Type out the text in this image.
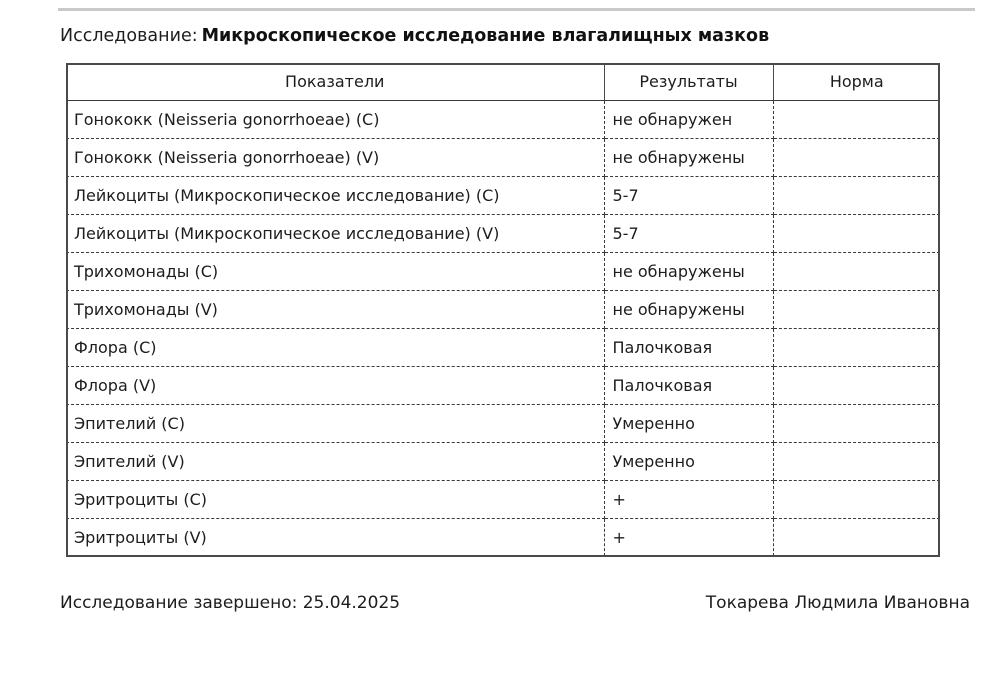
Исследование: Микроскопическое исследование влагалищных мазков
Показатели	Результаты	Норма
Гонококк (Neisseria gonorrhoeae) (C)	не обнаружен	
Гонококк (Neisseria gonorrhoeae) (V)	не обнаружены	
Лейкоциты (Микроскопическое исследование) (C)	5-7	
Лейкоциты (Микроскопическое исследование) (V)	5-7	
Трихомонады (C)	не обнаружены	
Трихомонады (V)	не обнаружены	
Флора (C)	Палочковая	
Флора (V)	Палочковая	
Эпителий (C)	Умеренно	
Эпителий (V)	Умеренно	
Эритроциты (C)	+	
Эритроциты (V)	+	
Исследование завершено: 25.04.2025	Токарева Людмила Ивановна
